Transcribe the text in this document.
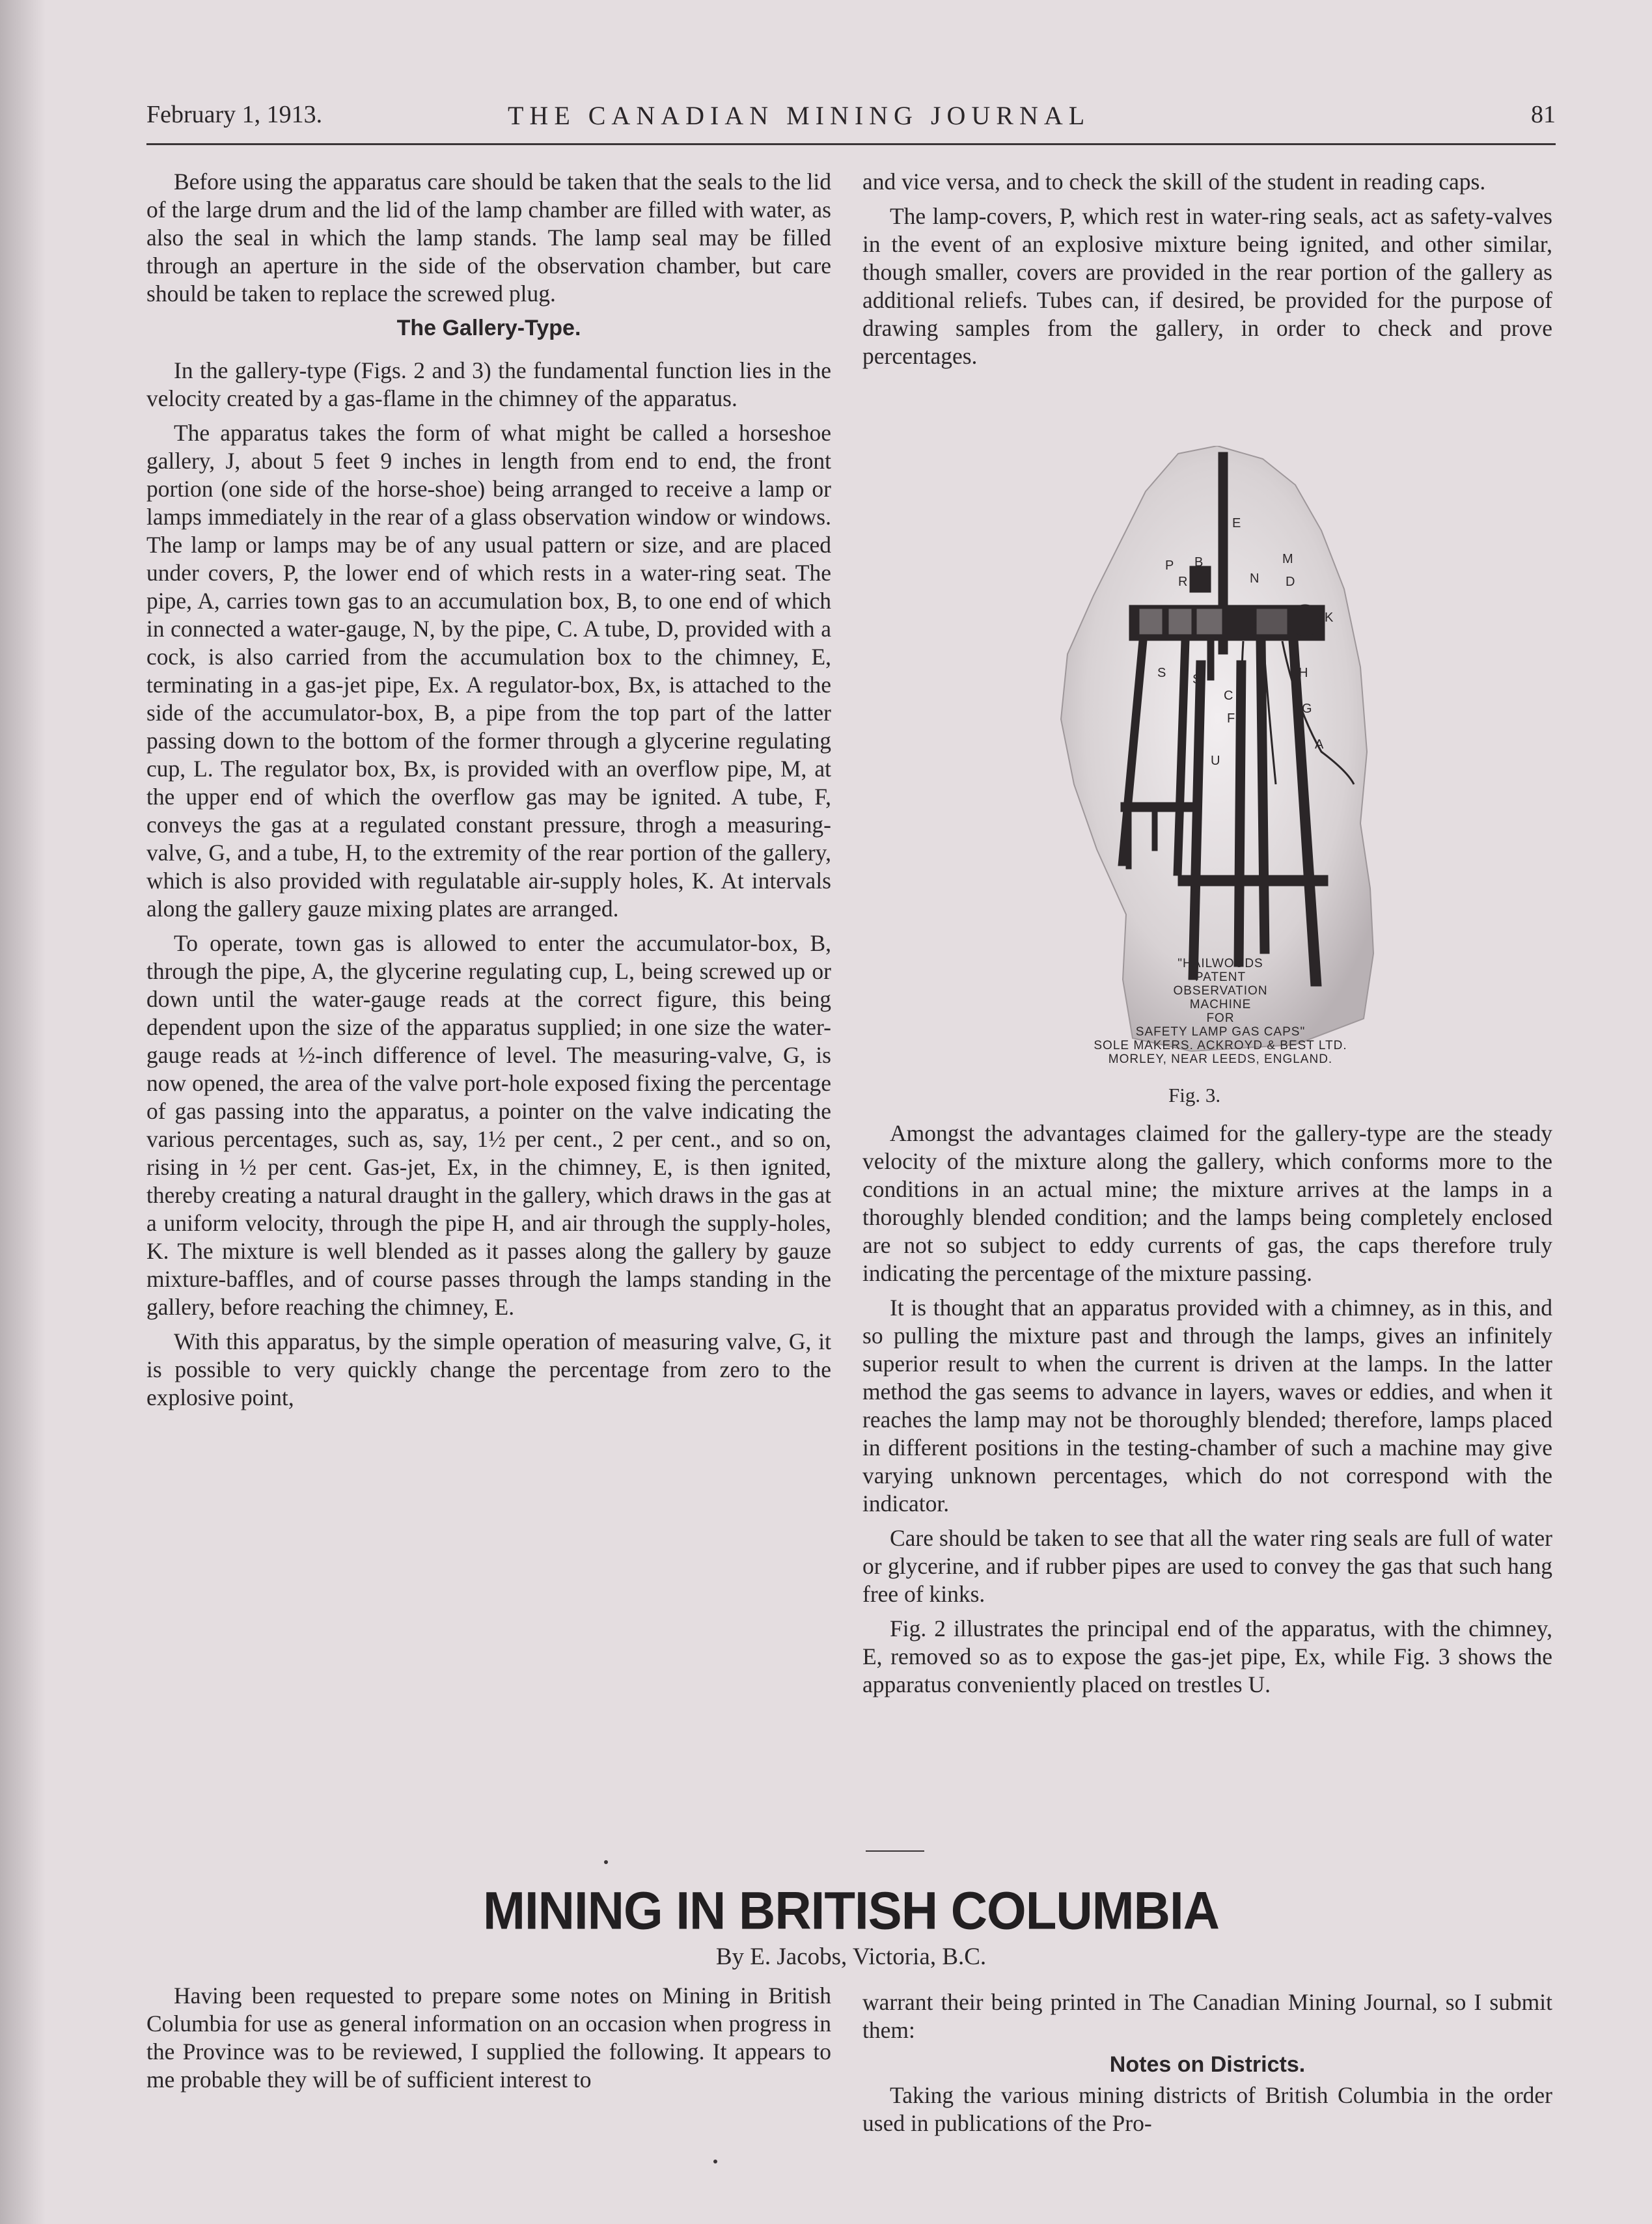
February 1, 1913.	THE CANADIAN MINING JOURNAL	81

Before using the apparatus care should be taken that the seals to the lid of the large drum and the lid of the lamp chamber are filled with water, as also the seal in which the lamp stands. The lamp seal may be filled through an aperture in the side of the observation chamber, but care should be taken to replace the screwed plug.

The Gallery-Type.

In the gallery-type (Figs. 2 and 3) the fundamental function lies in the velocity created by a gas-flame in the chimney of the apparatus.

The apparatus takes the form of what might be called a horseshoe gallery, J, about 5 feet 9 inches in length from end to end, the front portion (one side of the horse-shoe) being arranged to receive a lamp or lamps immediately in the rear of a glass observation window or windows. The lamp or lamps may be of any usual pattern or size, and are placed under covers, P, the lower end of which rests in a water-ring seat. The pipe, A, carries town gas to an accumulation box, B, to one end of which in connected a water-gauge, N, by the pipe, C. A tube, D, provided with a cock, is also carried from the accumulation box to the chimney, E, terminating in a gas-jet pipe, Ex. A regulator-box, Bx, is attached to the side of the accumulator-box, B, a pipe from the top part of the latter passing down to the bottom of the former through a glycerine regulating cup, L. The regulator box, Bx, is provided with an overflow pipe, M, at the upper end of which the overflow gas may be ignited. A tube, F, conveys the gas at a regulated constant pressure, throgh a measuring-valve, G, and a tube, H, to the extremity of the rear portion of the gallery, which is also provided with regulatable air-supply holes, K. At intervals along the gallery gauze mixing plates are arranged.

To operate, town gas is allowed to enter the accumulator-box, B, through the pipe, A, the glycerine regulating cup, L, being screwed up or down until the water-gauge reads at the correct figure, this being dependent upon the size of the apparatus supplied; in one size the water-gauge reads at ½-inch difference of level. The measuring-valve, G, is now opened, the area of the valve port-hole exposed fixing the percentage of gas passing into the apparatus, a pointer on the valve indicating the various percentages, such as, say, 1½ per cent., 2 per cent., and so on, rising in ½ per cent. Gas-jet, Ex, in the chimney, E, is then ignited, thereby creating a natural draught in the gallery, which draws in the gas at a uniform velocity, through the pipe H, and air through the supply-holes, K. The mixture is well blended as it passes along the gallery by gauze mixture-baffles, and of course passes through the lamps standing in the gallery, before reaching the chimney, E.

With this apparatus, by the simple operation of measuring valve, G, it is possible to very quickly change the percentage from zero to the explosive point,

and vice versa, and to check the skill of the student in reading caps.

The lamp-covers, P, which rest in water-ring seals, act as safety-valves in the event of an explosive mixture being ignited, and other similar, though smaller, covers are provided in the rear portion of the gallery as additional reliefs. Tubes can, if desired, be provided for the purpose of drawing samples from the gallery, in order to check and prove percentages.

E
P
R
B
N
M
D
K
B
L
H
S S
C
F
G
A
U
"HAILWOODS
PATENT
OBSERVATION
MACHINE
FOR
SAFETY LAMP GAS CAPS"
SOLE MAKERS. ACKROYD & BEST LTD.
MORLEY, NEAR LEEDS, ENGLAND.
Fig. 3.

Amongst the advantages claimed for the gallery-type are the steady velocity of the mixture along the gallery, which conforms more to the conditions in an actual mine; the mixture arrives at the lamps in a thoroughly blended condition; and the lamps being completely enclosed are not so subject to eddy currents of gas, the caps therefore truly indicating the percentage of the mixture passing.

It is thought that an apparatus provided with a chimney, as in this, and so pulling the mixture past and through the lamps, gives an infinitely superior result to when the current is driven at the lamps. In the latter method the gas seems to advance in layers, waves or eddies, and when it reaches the lamp may not be thoroughly blended; therefore, lamps placed in different positions in the testing-chamber of such a machine may give varying unknown percentages, which do not correspond with the indicator.

Care should be taken to see that all the water ring seals are full of water or glycerine, and if rubber pipes are used to convey the gas that such hang free of kinks.

Fig. 2 illustrates the principal end of the apparatus, with the chimney, E, removed so as to expose the gas-jet pipe, Ex, while Fig. 3 shows the apparatus conveniently placed on trestles U.

MINING IN BRITISH COLUMBIA
By E. Jacobs, Victoria, B.C.

Having been requested to prepare some notes on Mining in British Columbia for use as general information on an occasion when progress in the Province was to be reviewed, I supplied the following. It appears to me probable they will be of sufficient interest to

warrant their being printed in The Canadian Mining Journal, so I submit them:

Notes on Districts.

Taking the various mining districts of British Columbia in the order used in publications of the Pro-
